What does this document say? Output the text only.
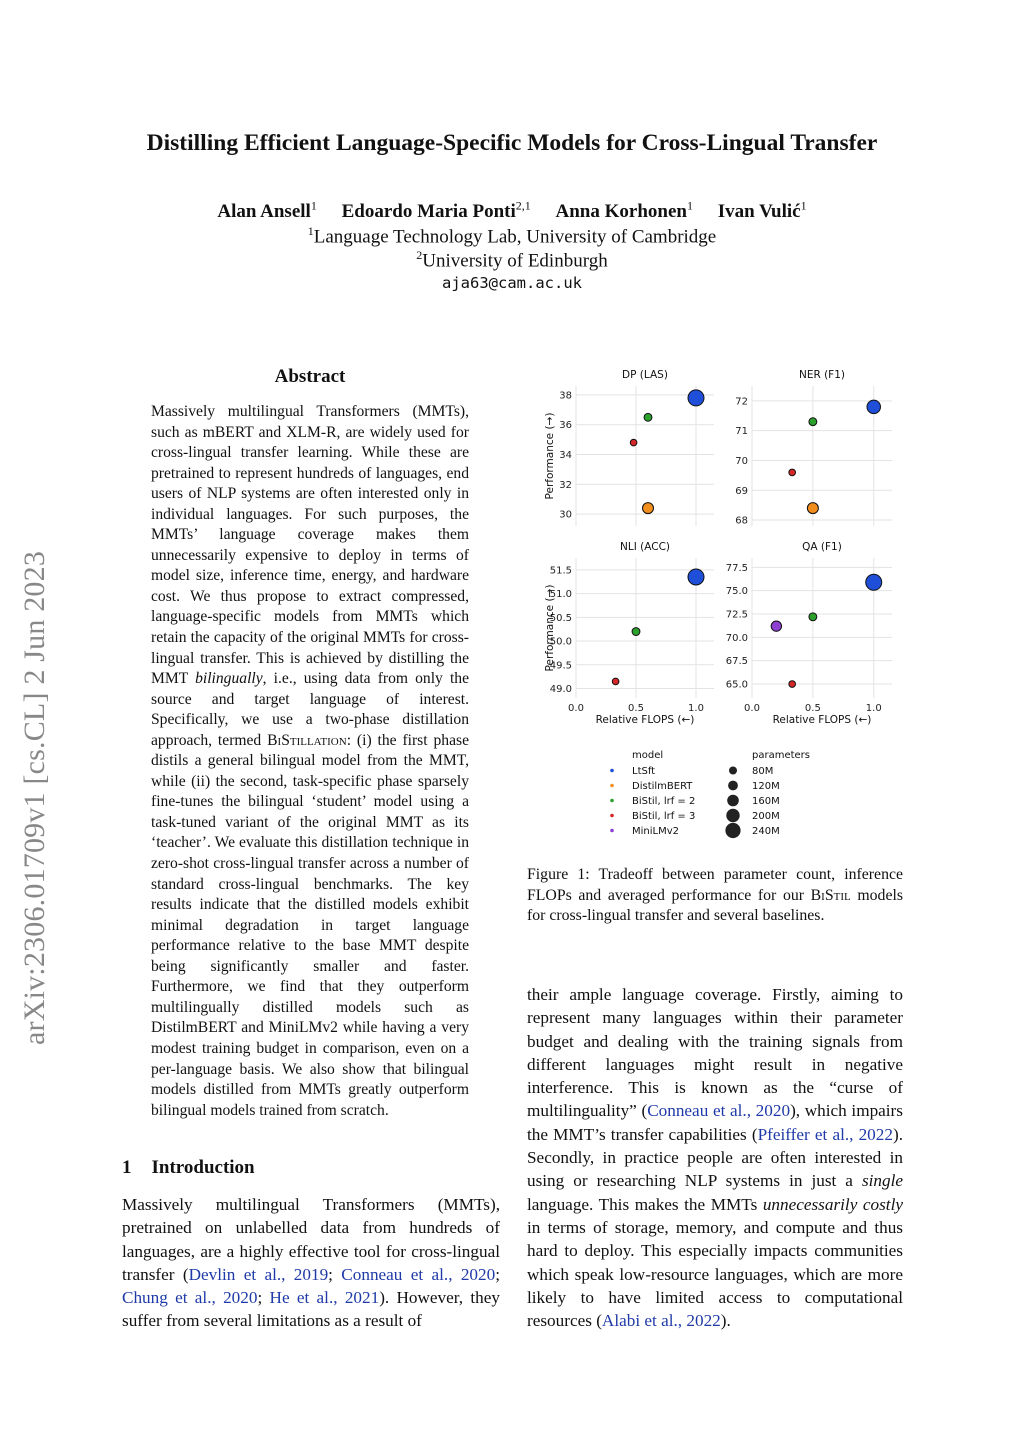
Distilling Efficient Language-Specific Models for Cross-Lingual Transfer
Alan Ansell$^1$ Edoardo Maria Ponti$^{2,1}$ Anna Korhonen$^1$ Ivan Vulić$^1$
$^1$Language Technology Lab, University of Cambridge
$^2$University of Edinburgh
aja63@cam.ac.uk
arXiv:2306.01709v1 [cs.CL] 2 Jun 2023
Abstract
Massively multilingual Transformers (MMTs), such as mBERT and XLM-R, are widely used for cross-lingual transfer learning. While these are pretrained to represent hundreds of languages, end users of NLP systems are often interested only in individual languages. For such purposes, the MMTs’ language coverage makes them unnecessarily expensive to deploy in terms of model size, inference time, energy, and hardware cost. We thus propose to extract compressed, language-specific models from MMTs which retain the capacity of the original MMTs for cross-lingual transfer. This is achieved by distilling the MMT bilingually, i.e., using data from only the source and target language of interest. Specifically, we use a two-phase distillation approach, termed BiStillation: (i) the first phase distils a general bilingual model from the MMT, while (ii) the second, task-specific phase sparsely fine-tunes the bilingual ‘student’ model using a task-tuned variant of the original MMT as its ‘teacher’. We evaluate this distillation technique in zero-shot cross-lingual transfer across a number of standard cross-lingual benchmarks. The key results indicate that the distilled models exhibit minimal degradation in target language performance relative to the base MMT despite being significantly smaller and faster. Furthermore, we find that they outperform multilingually distilled models such as DistilmBERT and MiniLMv2 while having a very modest training budget in comparison, even on a per-language basis. We also show that bilingual models distilled from MMTs greatly outperform bilingual models trained from scratch.
1 Introduction
Massively multilingual Transformers (MMTs), pretrained on unlabelled data from hundreds of languages, are a highly effective tool for cross-lingual transfer (Devlin et al., 2019; Conneau et al., 2020; Chung et al., 2020; He et al., 2021). However, they suffer from several limitations as a result of
their ample language coverage. Firstly, aiming to represent many languages within their parameter budget and dealing with the training signals from different languages might result in negative interference. This is known as the “curse of multilinguality” (Conneau et al., 2020), which impairs the MMT’s transfer capabilities (Pfeiffer et al., 2022). Secondly, in practice people are often interested in using or researching NLP systems in just a single language. This makes the MMTs unnecessarily costly in terms of storage, memory, and compute and thus hard to deploy. This especially impacts communities which speak low-resource languages, which are more likely to have limited access to computational resources (Alabi et al., 2022).
Figure 1: Tradeoff between parameter count, inference FLOPs and averaged performance for our BiStil models for cross-lingual transfer and several baselines.
30
32
34
36
38
DP (LAS)
Performance (→)
68
69
70
71
72
NER (F1)
49.0
49.5
50.0
50.5
51.0
51.5
NLI (ACC)
0.0	0.5	1.0
Relative FLOPS (←)
Performance (→)
65.0
67.5
70.0
72.5
75.0
77.5
QA (F1)
0.0	0.5	1.0
Relative FLOPS (←)
model
LtSft
DistilmBERT
BiStil, lrf = 2
BiStil, lrf = 3
MiniLMv2
parameters
80M
120M
160M
200M
240M
